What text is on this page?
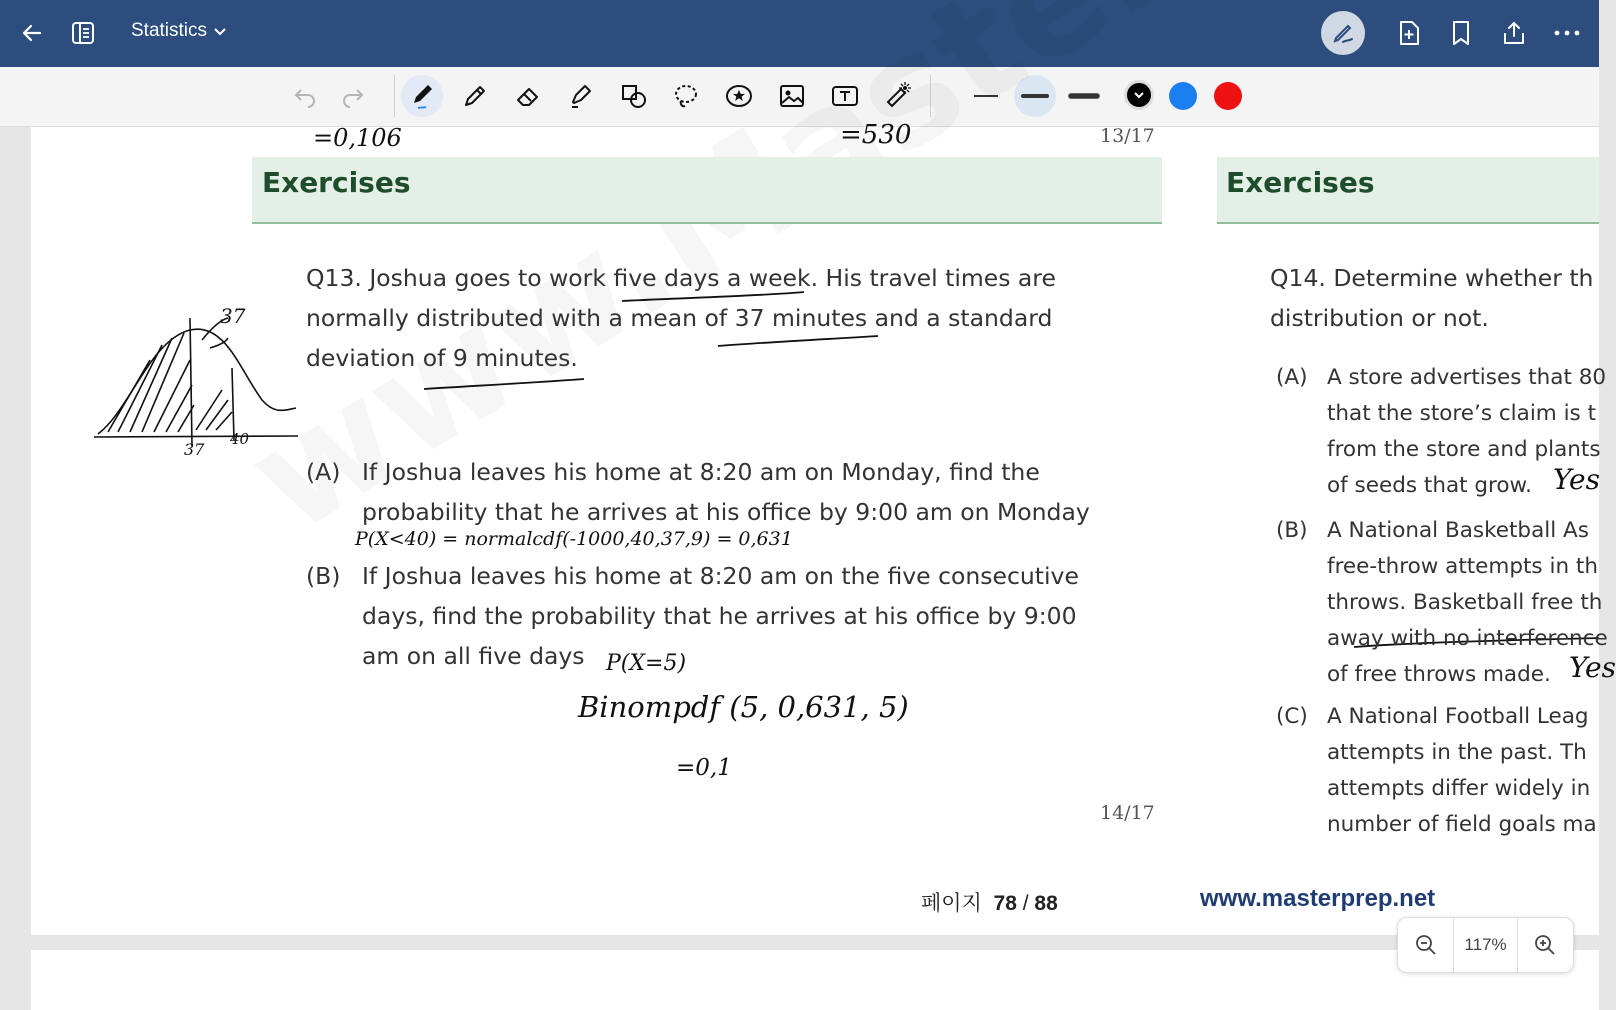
Statistics
=0,106	=530	13/17
Exercises	Exercises
Q13. Joshua goes to work five days a week. His travel times are
normally distributed with a mean of 37 minutes and a standard
deviation of 9 minutes.
(A) If Joshua leaves his home at 8:20 am on Monday, find the
probability that he arrives at his office by 9:00 am on Monday
(B) If Joshua leaves his home at 8:20 am on the five consecutive
days, find the probability that he arrives at his office by 9:00
am on all five days
37
37
40
P(X<40) = normalcdf(-1000,40,37,9) = 0,631
P(X=5)
Binompdf (5, 0,631, 5)
=0,1
14/17
Q14. Determine whether th
distribution or not.
(A) A store advertises that 80
that the store’s claim is t
from the store and plants
of seeds that grow. Yes
(B) A National Basketball As
free-throw attempts in th
throws. Basketball free th
away with no interference
of free throws made. Yes
(C) A National Football Leag
attempts in the past. Th
attempts differ widely in
number of field goals ma
페이지 78 / 88	www.masterprep.net
117%
